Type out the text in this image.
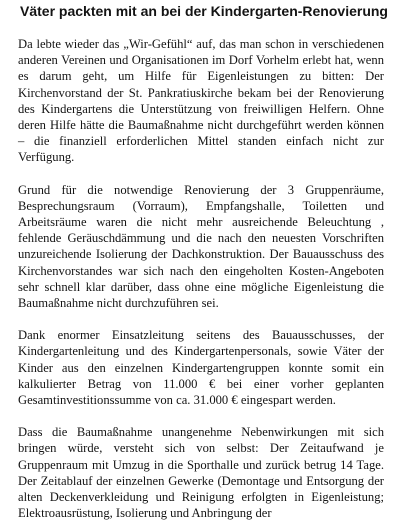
Väter packten mit an bei der Kindergarten-Renovierung

Da lebte wieder das „Wir-Gefühl“ auf, das man schon in verschiedenen anderen Vereinen und Organisationen im Dorf Vorhelm erlebt hat, wenn es darum geht, um Hilfe für Eigenleistungen zu bitten: Der Kirchenvorstand der St. Pankratiuskirche bekam bei der Renovierung des Kindergartens die Unterstützung von freiwilligen Helfern. Ohne deren Hilfe hätte die Baumaßnahme nicht durchgeführt werden können – die finanziell erforderlichen Mittel standen einfach nicht zur Verfügung.

Grund für die notwendige Renovierung der 3 Gruppenräume, Besprechungsraum (Vorraum), Empfangshalle, Toiletten und Arbeitsräume waren die nicht mehr ausreichende Beleuchtung , fehlende Geräuschdämmung und die nach den neuesten Vorschriften unzureichende Isolierung der Dachkonstruktion. Der Bauausschuss des Kirchenvorstandes war sich nach den eingeholten Kosten-Angeboten sehr schnell klar darüber, dass ohne eine mögliche Eigenleistung die Baumaßnahme nicht durchzuführen sei.

Dank enormer Einsatzleitung seitens des Bauausschusses, der Kindergartenleitung und des Kindergartenpersonals, sowie Väter der Kinder aus den einzelnen Kindergartengruppen konnte somit ein kalkulierter Betrag von 11.000 € bei einer vorher geplanten Gesamtinvestitionssumme von ca. 31.000 € eingespart werden.

Dass die Baumaßnahme unangenehme Nebenwirkungen mit sich bringen würde, versteht sich von selbst: Der Zeitaufwand je Gruppenraum mit Umzug in die Sporthalle und zurück betrug 14 Tage. Der Zeitablauf der einzelnen Gewerke (Demontage und Entsorgung der alten Deckenverkleidung und Reinigung erfolgten in Eigenleistung; Elektroausrüstung, Isolierung und Anbringung der
